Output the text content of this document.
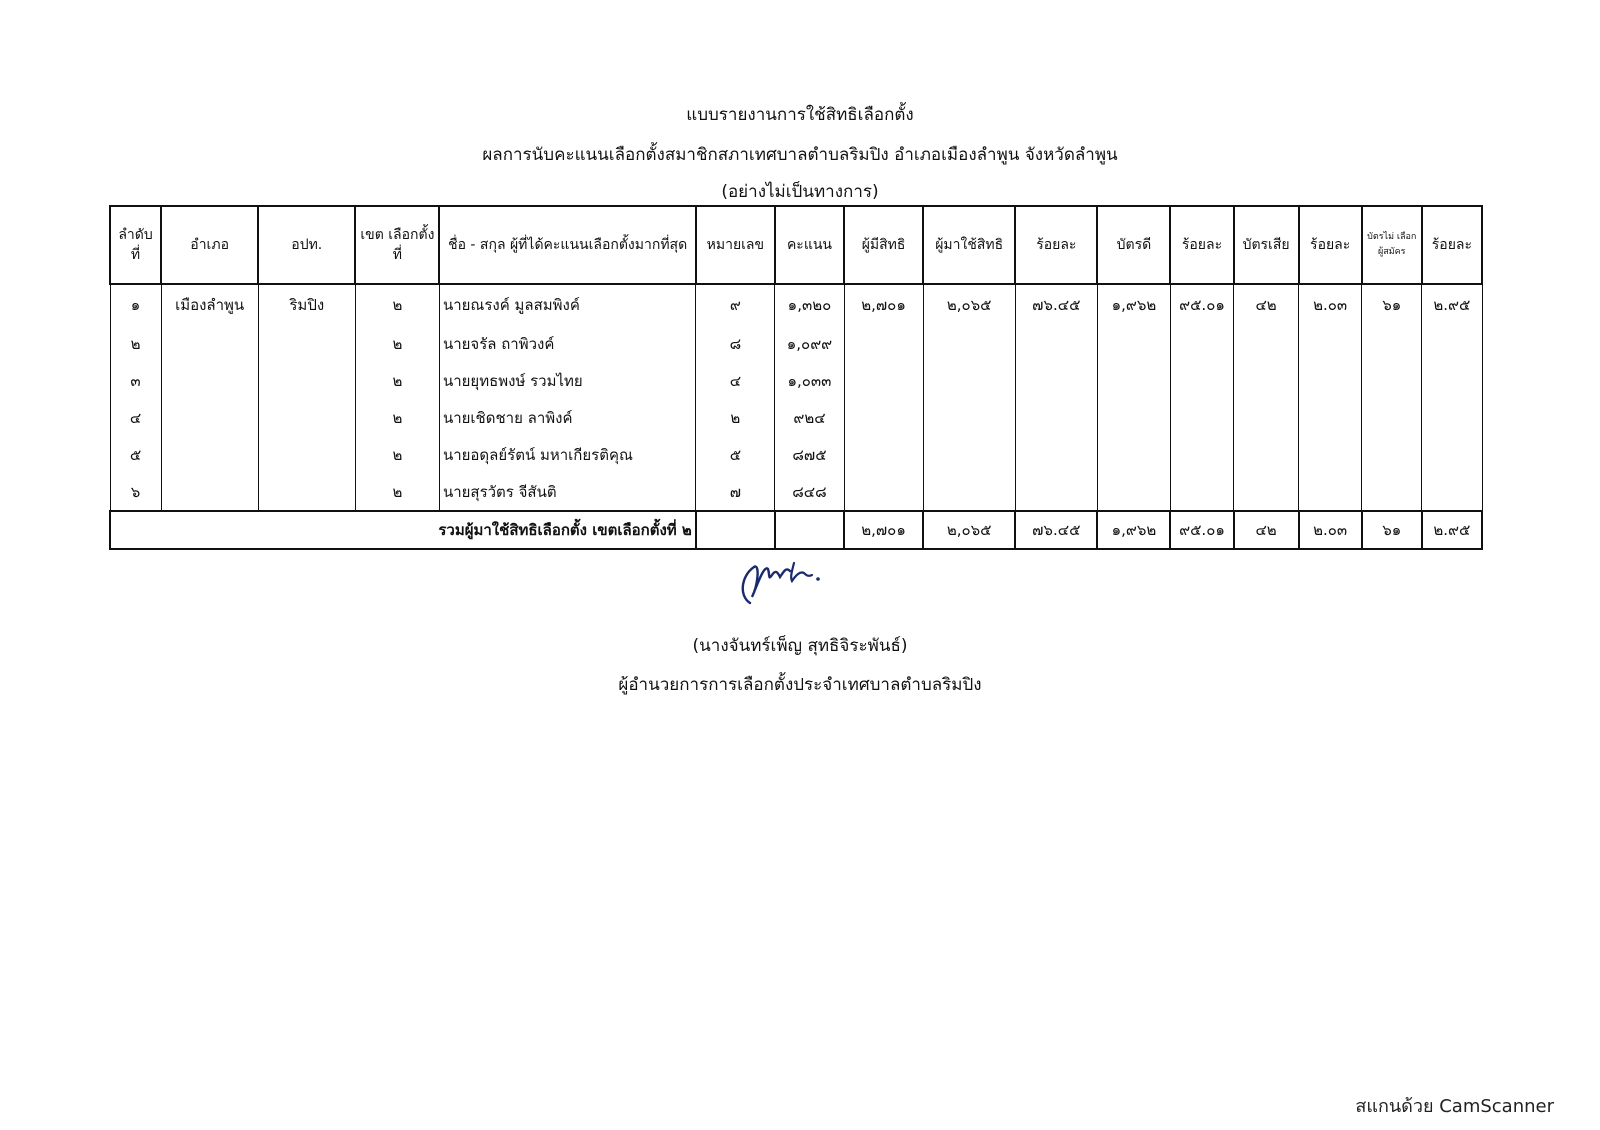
แบบรายงานการใช้สิทธิเลือกตั้ง
ผลการนับคะแนนเลือกตั้งสมาชิกสภาเทศบาลตำบลริมปิง อำเภอเมืองลำพูน จังหวัดลำพูน
(อย่างไม่เป็นทางการ)
ลำดับ ที่	อำเภอ	อปท.	เขต เลือกตั้งที่	ชื่อ - สกุล ผู้ที่ได้คะแนนเลือกตั้งมากที่สุด	หมายเลข	คะแนน	ผู้มีสิทธิ	ผู้มาใช้สิทธิ	ร้อยละ	บัตรดี	ร้อยละ	บัตรเสีย	ร้อยละ	บัตรไม่ เลือก ผู้สมัคร	ร้อยละ
๑	เมืองลำพูน	ริมปิง	๒	นายณรงค์ มูลสมพิงค์	๙	๑,๓๒๐	๒,๗๐๑	๒,๐๖๕	๗๖.๔๕	๑,๙๖๒	๙๕.๐๑	๔๒	๒.๐๓	๖๑	๒.๙๕
๒			๒	นายจรัล ถาพิวงค์	๘	๑,๐๙๙									
๓			๒	นายยุทธพงษ์ รวมไทย	๔	๑,๐๓๓									
๔			๒	นายเชิดชาย ลาพิงค์	๒	๙๒๔									
๕			๒	นายอดุลย์รัตน์ มหาเกียรติคุณ	๕	๘๗๕									
๖			๒	นายสุรวัตร จีสันติ	๗	๘๔๘									
รวมผู้มาใช้สิทธิเลือกตั้ง เขตเลือกตั้งที่ ๒							๒,๗๐๑	๒,๐๖๕	๗๖.๔๕	๑,๙๖๒	๙๕.๐๑	๔๒	๒.๐๓	๖๑	๒.๙๕
(นางจันทร์เพ็ญ สุทธิจิระพันธ์)
ผู้อำนวยการการเลือกตั้งประจำเทศบาลตำบลริมปิง
สแกนด้วย CamScanner
